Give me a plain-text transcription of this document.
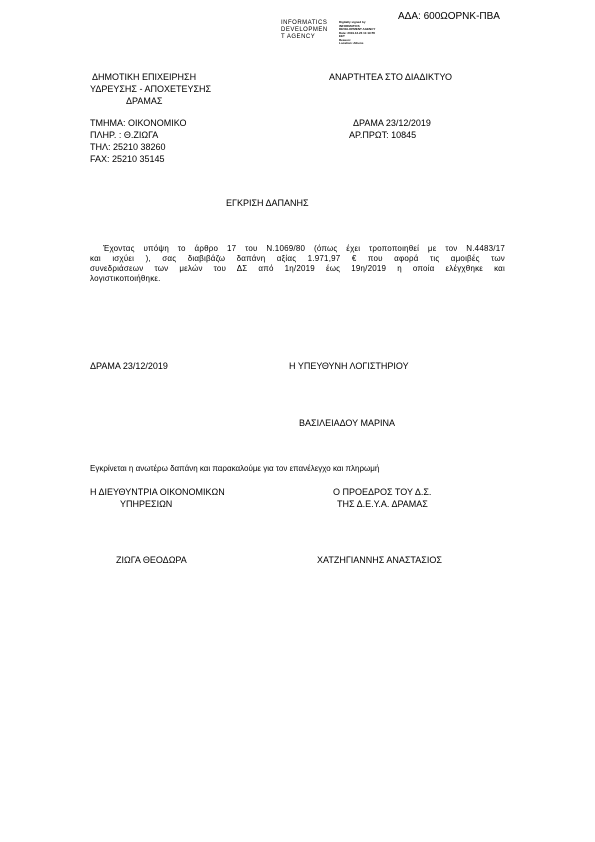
ΑΔΑ: 600ΩΟΡΝΚ-ΠΒΑ
INFORMATICS
DEVELOPMEN
T AGENCY
Digitally signed by
INFORMATICS
DEVELOPMENT AGENCY
Date: 2019.12.23 11:19:55
EET
Reason:
Location: Athens
ΔΗΜΟΤΙΚΗ ΕΠΙΧΕΙΡΗΣΗ
ΥΔΡΕΥΣΗΣ - ΑΠΟΧΕΤΕΥΣΗΣ
ΔΡΑΜΑΣ
ΑΝΑΡΤΗΤΕΑ ΣΤΟ ΔΙΑΔΙΚΤΥΟ
ΤΜΗΜΑ: ΟΙΚΟΝΟΜΙΚΟ
ΠΛΗΡ. : Θ.ΖΙΩΓΑ
ΤΗΛ: 25210 38260
FAX: 25210 35145
ΔΡΑΜΑ 23/12/2019
ΑΡ.ΠΡΩΤ: 10845
ΕΓΚΡΙΣΗ ΔΑΠΑΝΗΣ
Έχοντας υπόψη το άρθρο 17 του Ν.1069/80 (όπως έχει τροποποιηθεί με τον Ν.4483/17
και ισχύει ), σας διαβιβάζω δαπάνη αξίας 1.971,97 € που αφορά τις αμοιβές των
συνεδριάσεων των μελών του ΔΣ από 1η/2019 έως 19η/2019 η οποία ελέγχθηκε και
λογιστικοποιήθηκε.
ΔΡΑΜΑ 23/12/2019	Η ΥΠΕΥΘΥΝΗ ΛΟΓΙΣΤΗΡΙΟΥ
ΒΑΣΙΛΕΙΑΔΟΥ ΜΑΡΙΝΑ
Εγκρίνεται η ανωτέρω δαπάνη και παρακαλούμε για τον επανέλεγχο και πληρωμή
Η ΔΙΕΥΘΥΝΤΡΙΑ ΟΙΚΟΝΟΜΙΚΩΝ
ΥΠΗΡΕΣΙΩΝ
Ο ΠΡΟΕΔΡΟΣ ΤΟΥ Δ.Σ.
ΤΗΣ Δ.Ε.Υ.Α. ΔΡΑΜΑΣ
ΖΙΩΓΑ ΘΕΟΔΩΡΑ	ΧΑΤΖΗΓΙΑΝΝΗΣ ΑΝΑΣΤΑΣΙΟΣ
